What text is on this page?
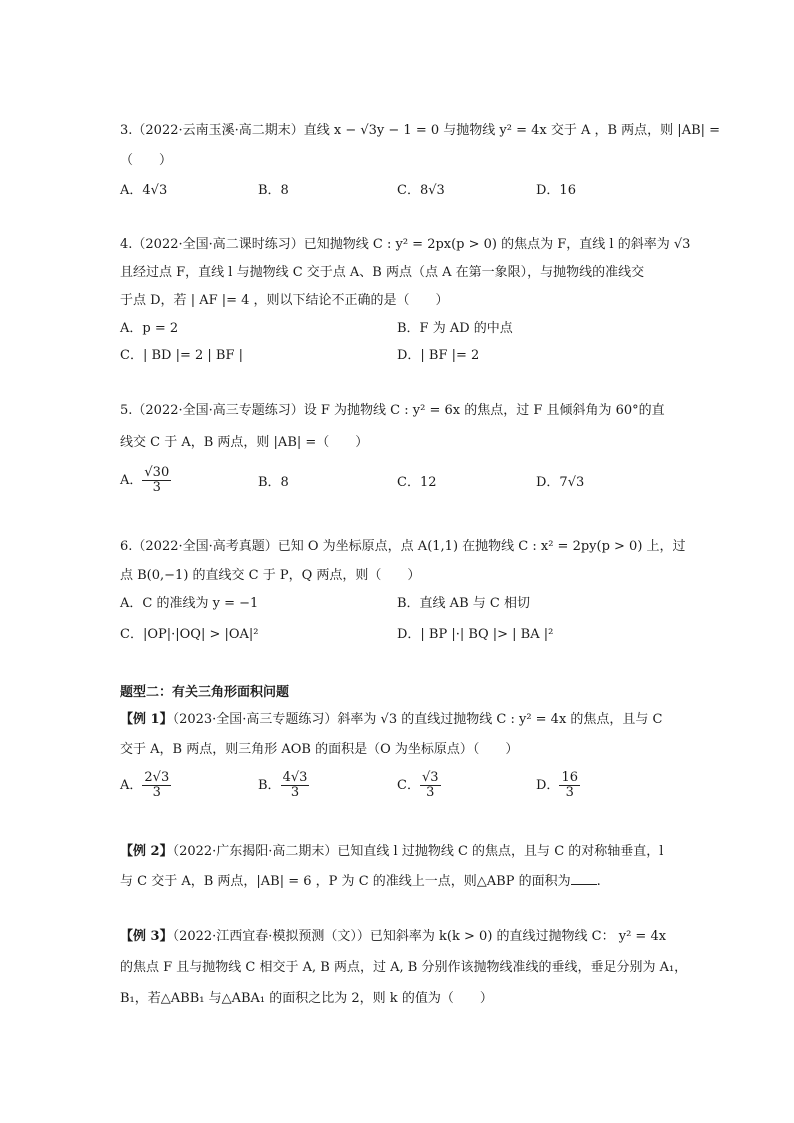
3.（2022·云南玉溪·高二期末）直线 x − √3y − 1 = 0 与抛物线 y² = 4x 交于 A ，B 两点，则 |AB| =
（　　）
A．4√3	B．8	C．8√3	D．16
4.（2022·全国·高二课时练习）已知抛物线 C : y² = 2px(p > 0) 的焦点为 F，直线 l 的斜率为 √3
且经过点 F，直线 l 与抛物线 C 交于点 A、B 两点（点 A 在第一象限），与抛物线的准线交
于点 D，若 | AF |= 4 ，则以下结论不正确的是（　　）
A．p = 2	B．F 为 AD 的中点
C．| BD |= 2 | BF |	D．| BF |= 2
5.（2022·全国·高三专题练习）设 F 为抛物线 C : y² = 6x 的焦点，过 F 且倾斜角为 60°的直
线交 C 于 A，B 两点，则 |AB| =（　　）
A． $\frac{√30}{3}$	B．8	C．12	D．7√3
6.（2022·全国·高考真题）已知 O 为坐标原点，点 A(1,1) 在抛物线 C : x² = 2py(p > 0) 上，过
点 B(0,−1) 的直线交 C 于 P，Q 两点，则（　　）
A．C 的准线为 y = −1	B．直线 AB 与 C 相切
C．|OP|·|OQ| > |OA|²	D．| BP |·| BQ |> | BA |²
题型二：有关三角形面积问题
【例 1】（2023·全国·高三专题练习）斜率为 √3 的直线过抛物线 C : y² = 4x 的焦点，且与 C
交于 A，B 两点，则三角形 AOB 的面积是（O 为坐标原点）（　　）
A． $\frac{2√3}{3}$	B． $\frac{4√3}{3}$	C． $\frac{√3}{3}$	D． $\frac{16}{3}$
【例 2】（2022·广东揭阳·高二期末）已知直线 l 过抛物线 C 的焦点，且与 C 的对称轴垂直，l
与 C 交于 A，B 两点，|AB| = 6 ，P 为 C 的准线上一点，则△ABP 的面积为 .
【例 3】（2022·江西宜春·模拟预测（文））已知斜率为 k(k > 0) 的直线过抛物线 C： y² = 4x
的焦点 F 且与抛物线 C 相交于 A, B 两点，过 A, B 分别作该抛物线准线的垂线，垂足分别为 A₁，
B₁，若△ABB₁ 与△ABA₁ 的面积之比为 2，则 k 的值为（　　）
